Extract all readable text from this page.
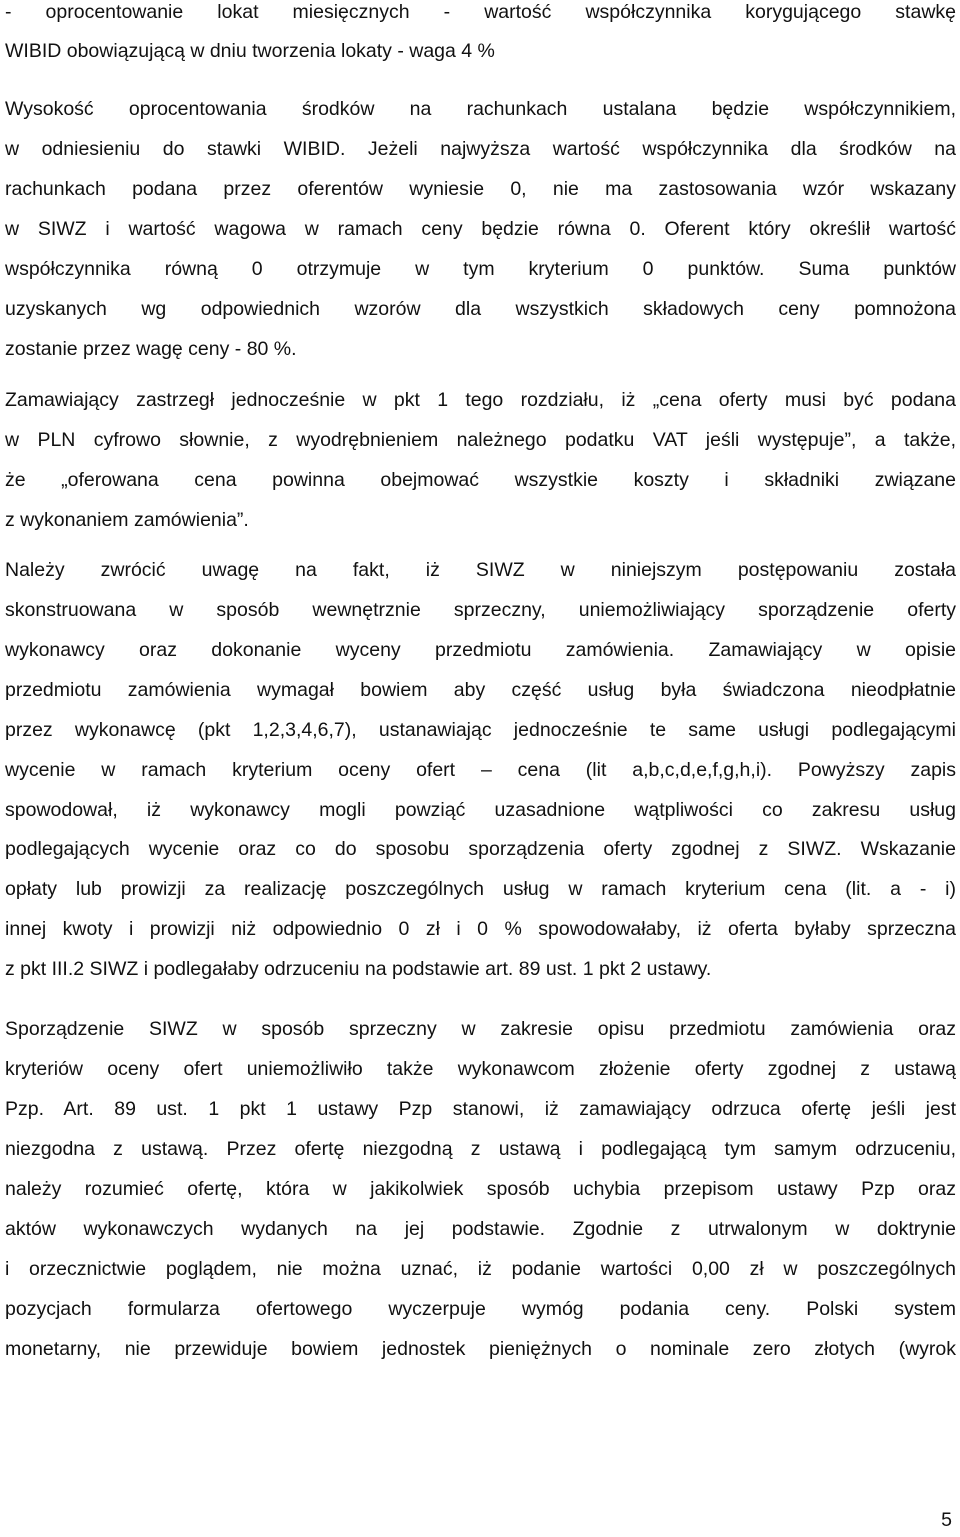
- oprocentowanie lokat miesięcznych - wartość współczynnika korygującego stawkę
WIBID obowiązującą w dniu tworzenia lokaty - waga 4 %
Wysokość oprocentowania środków na rachunkach ustalana będzie współczynnikiem,
w odniesieniu do stawki WIBID. Jeżeli najwyższa wartość współczynnika dla środków na
rachunkach podana przez oferentów wyniesie 0, nie ma zastosowania wzór wskazany
w SIWZ i wartość wagowa w ramach ceny będzie równa 0. Oferent który określił wartość
współczynnika równą 0 otrzymuje w tym kryterium 0 punktów. Suma punktów
uzyskanych wg odpowiednich wzorów dla wszystkich składowych ceny pomnożona
zostanie przez wagę ceny - 80 %.
Zamawiający zastrzegł jednocześnie w pkt 1 tego rozdziału, iż „cena oferty musi być podana
w PLN cyfrowo słownie, z wyodrębnieniem należnego podatku VAT jeśli występuje”, a także,
że „oferowana cena powinna obejmować wszystkie koszty i składniki związane
z wykonaniem zamówienia”.
Należy zwrócić uwagę na fakt, iż SIWZ w niniejszym postępowaniu została
skonstruowana w sposób wewnętrznie sprzeczny, uniemożliwiający sporządzenie oferty
wykonawcy oraz dokonanie wyceny przedmiotu zamówienia. Zamawiający w opisie
przedmiotu zamówienia wymagał bowiem aby część usług była świadczona nieodpłatnie
przez wykonawcę (pkt 1,2,3,4,6,7), ustanawiając jednocześnie te same usługi podlegającymi
wycenie w ramach kryterium oceny ofert – cena (lit a,b,c,d,e,f,g,h,i). Powyższy zapis
spowodował, iż wykonawcy mogli powziąć uzasadnione wątpliwości co zakresu usług
podlegających wycenie oraz co do sposobu sporządzenia oferty zgodnej z SIWZ. Wskazanie
opłaty lub prowizji za realizację poszczególnych usług w ramach kryterium cena (lit. a - i)
innej kwoty i prowizji niż odpowiednio 0 zł i 0 % spowodowałaby, iż oferta byłaby sprzeczna
z pkt III.2 SIWZ i podlegałaby odrzuceniu na podstawie art. 89 ust. 1 pkt 2 ustawy.
Sporządzenie SIWZ w sposób sprzeczny w zakresie opisu przedmiotu zamówienia oraz
kryteriów oceny ofert uniemożliwiło także wykonawcom złożenie oferty zgodnej z ustawą
Pzp. Art. 89 ust. 1 pkt 1 ustawy Pzp stanowi, iż zamawiający odrzuca ofertę jeśli jest
niezgodna z ustawą. Przez ofertę niezgodną z ustawą i podlegającą tym samym odrzuceniu,
należy rozumieć ofertę, która w jakikolwiek sposób uchybia przepisom ustawy Pzp oraz
aktów wykonawczych wydanych na jej podstawie. Zgodnie z utrwalonym w doktrynie
i orzecznictwie poglądem, nie można uznać, iż podanie wartości 0,00 zł w poszczególnych
pozycjach formularza ofertowego wyczerpuje wymóg podania ceny. Polski system
monetarny, nie przewiduje bowiem jednostek pieniężnych o nominale zero złotych (wyrok
5
